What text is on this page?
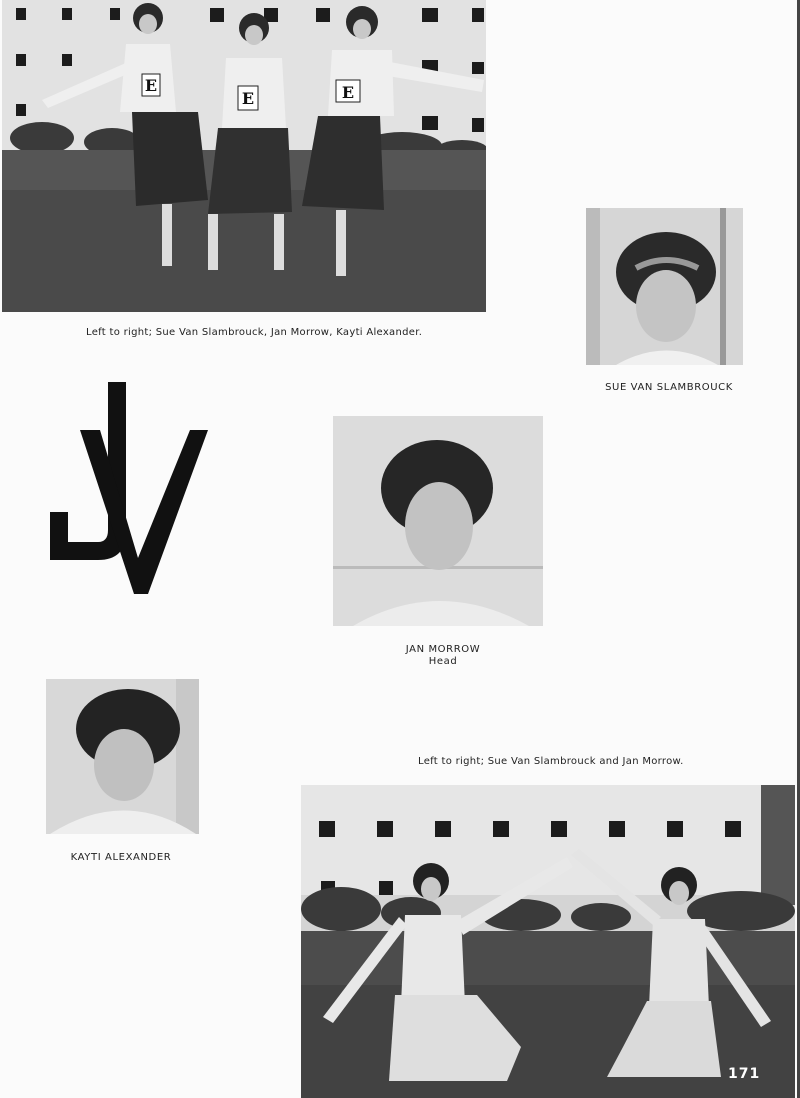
E
E	E
Left to right; Sue Van Slambrouck, Jan Morrow, Kayti Alexander.
SUE VAN SLAMBROUCK
JAN MORROW
Head
KAYTI ALEXANDER
Left to right; Sue Van Slambrouck and Jan Morrow.
171
